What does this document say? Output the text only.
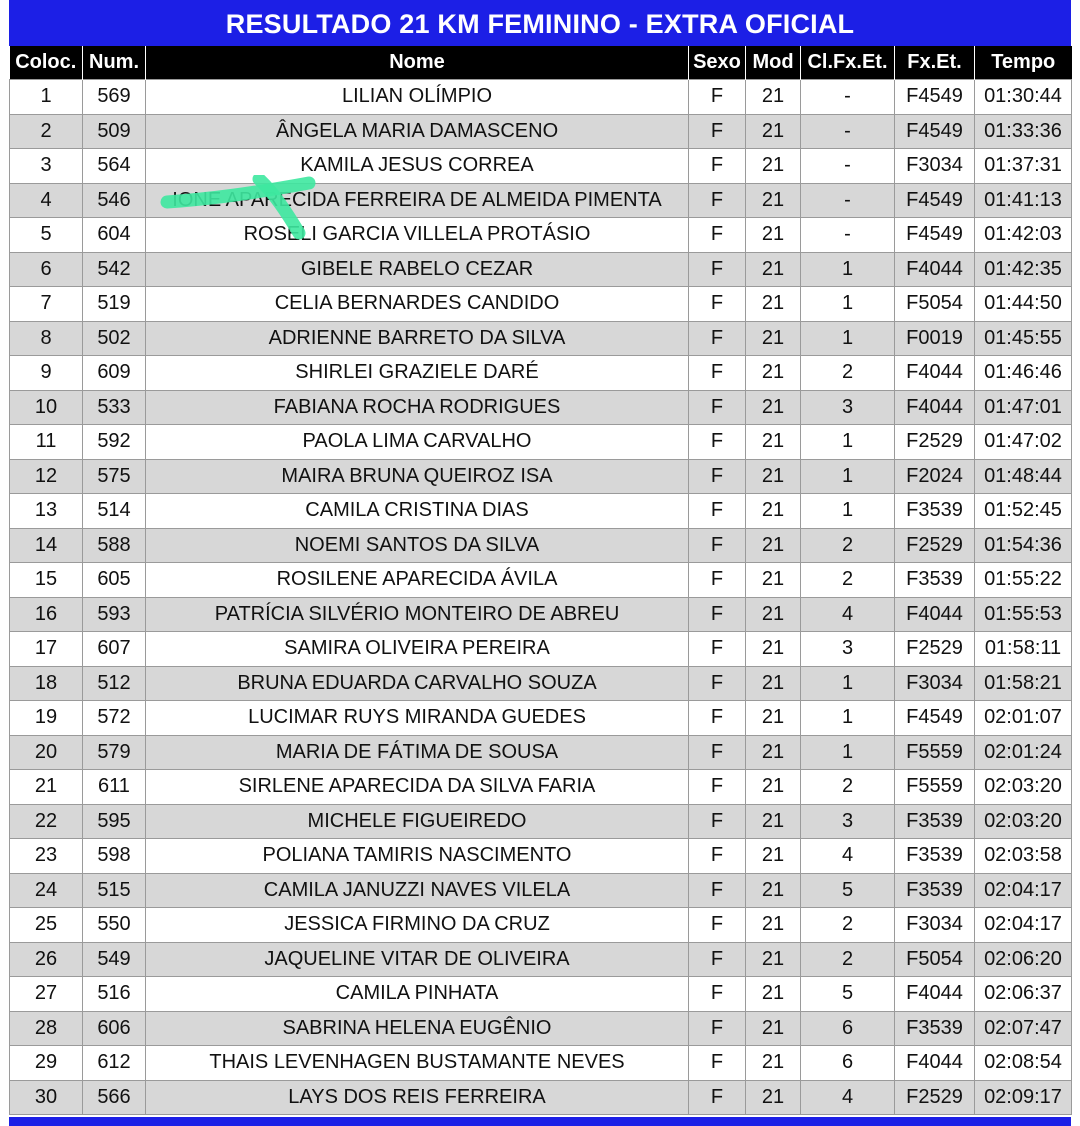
RESULTADO 21 KM FEMININO - EXTRA OFICIAL
Coloc.	Num.	Nome	Sexo	Mod	Cl.Fx.Et.	Fx.Et.	Tempo
1	569	LILIAN OLÍMPIO	F	21	-	F4549	01:30:44
2	509	ÂNGELA MARIA DAMASCENO	F	21	-	F4549	01:33:36
3	564	KAMILA JESUS CORREA	F	21	-	F3034	01:37:31
4	546	IONE APARECIDA FERREIRA DE ALMEIDA PIMENTA	F	21	-	F4549	01:41:13
5	604	ROSELI GARCIA VILLELA PROTÁSIO	F	21	-	F4549	01:42:03
6	542	GIBELE RABELO CEZAR	F	21	1	F4044	01:42:35
7	519	CELIA BERNARDES CANDIDO	F	21	1	F5054	01:44:50
8	502	ADRIENNE BARRETO DA SILVA	F	21	1	F0019	01:45:55
9	609	SHIRLEI GRAZIELE DARÉ	F	21	2	F4044	01:46:46
10	533	FABIANA ROCHA RODRIGUES	F	21	3	F4044	01:47:01
11	592	PAOLA LIMA CARVALHO	F	21	1	F2529	01:47:02
12	575	MAIRA BRUNA QUEIROZ ISA	F	21	1	F2024	01:48:44
13	514	CAMILA CRISTINA DIAS	F	21	1	F3539	01:52:45
14	588	NOEMI SANTOS DA SILVA	F	21	2	F2529	01:54:36
15	605	ROSILENE APARECIDA ÁVILA	F	21	2	F3539	01:55:22
16	593	PATRÍCIA SILVÉRIO MONTEIRO DE ABREU	F	21	4	F4044	01:55:53
17	607	SAMIRA OLIVEIRA PEREIRA	F	21	3	F2529	01:58:11
18	512	BRUNA EDUARDA CARVALHO SOUZA	F	21	1	F3034	01:58:21
19	572	LUCIMAR RUYS MIRANDA GUEDES	F	21	1	F4549	02:01:07
20	579	MARIA DE FÁTIMA DE SOUSA	F	21	1	F5559	02:01:24
21	611	SIRLENE APARECIDA DA SILVA FARIA	F	21	2	F5559	02:03:20
22	595	MICHELE FIGUEIREDO	F	21	3	F3539	02:03:20
23	598	POLIANA TAMIRIS NASCIMENTO	F	21	4	F3539	02:03:58
24	515	CAMILA JANUZZI NAVES VILELA	F	21	5	F3539	02:04:17
25	550	JESSICA FIRMINO DA CRUZ	F	21	2	F3034	02:04:17
26	549	JAQUELINE VITAR DE OLIVEIRA	F	21	2	F5054	02:06:20
27	516	CAMILA PINHATA	F	21	5	F4044	02:06:37
28	606	SABRINA HELENA EUGÊNIO	F	21	6	F3539	02:07:47
29	612	THAIS LEVENHAGEN BUSTAMANTE NEVES	F	21	6	F4044	02:08:54
30	566	LAYS DOS REIS FERREIRA	F	21	4	F2529	02:09:17
